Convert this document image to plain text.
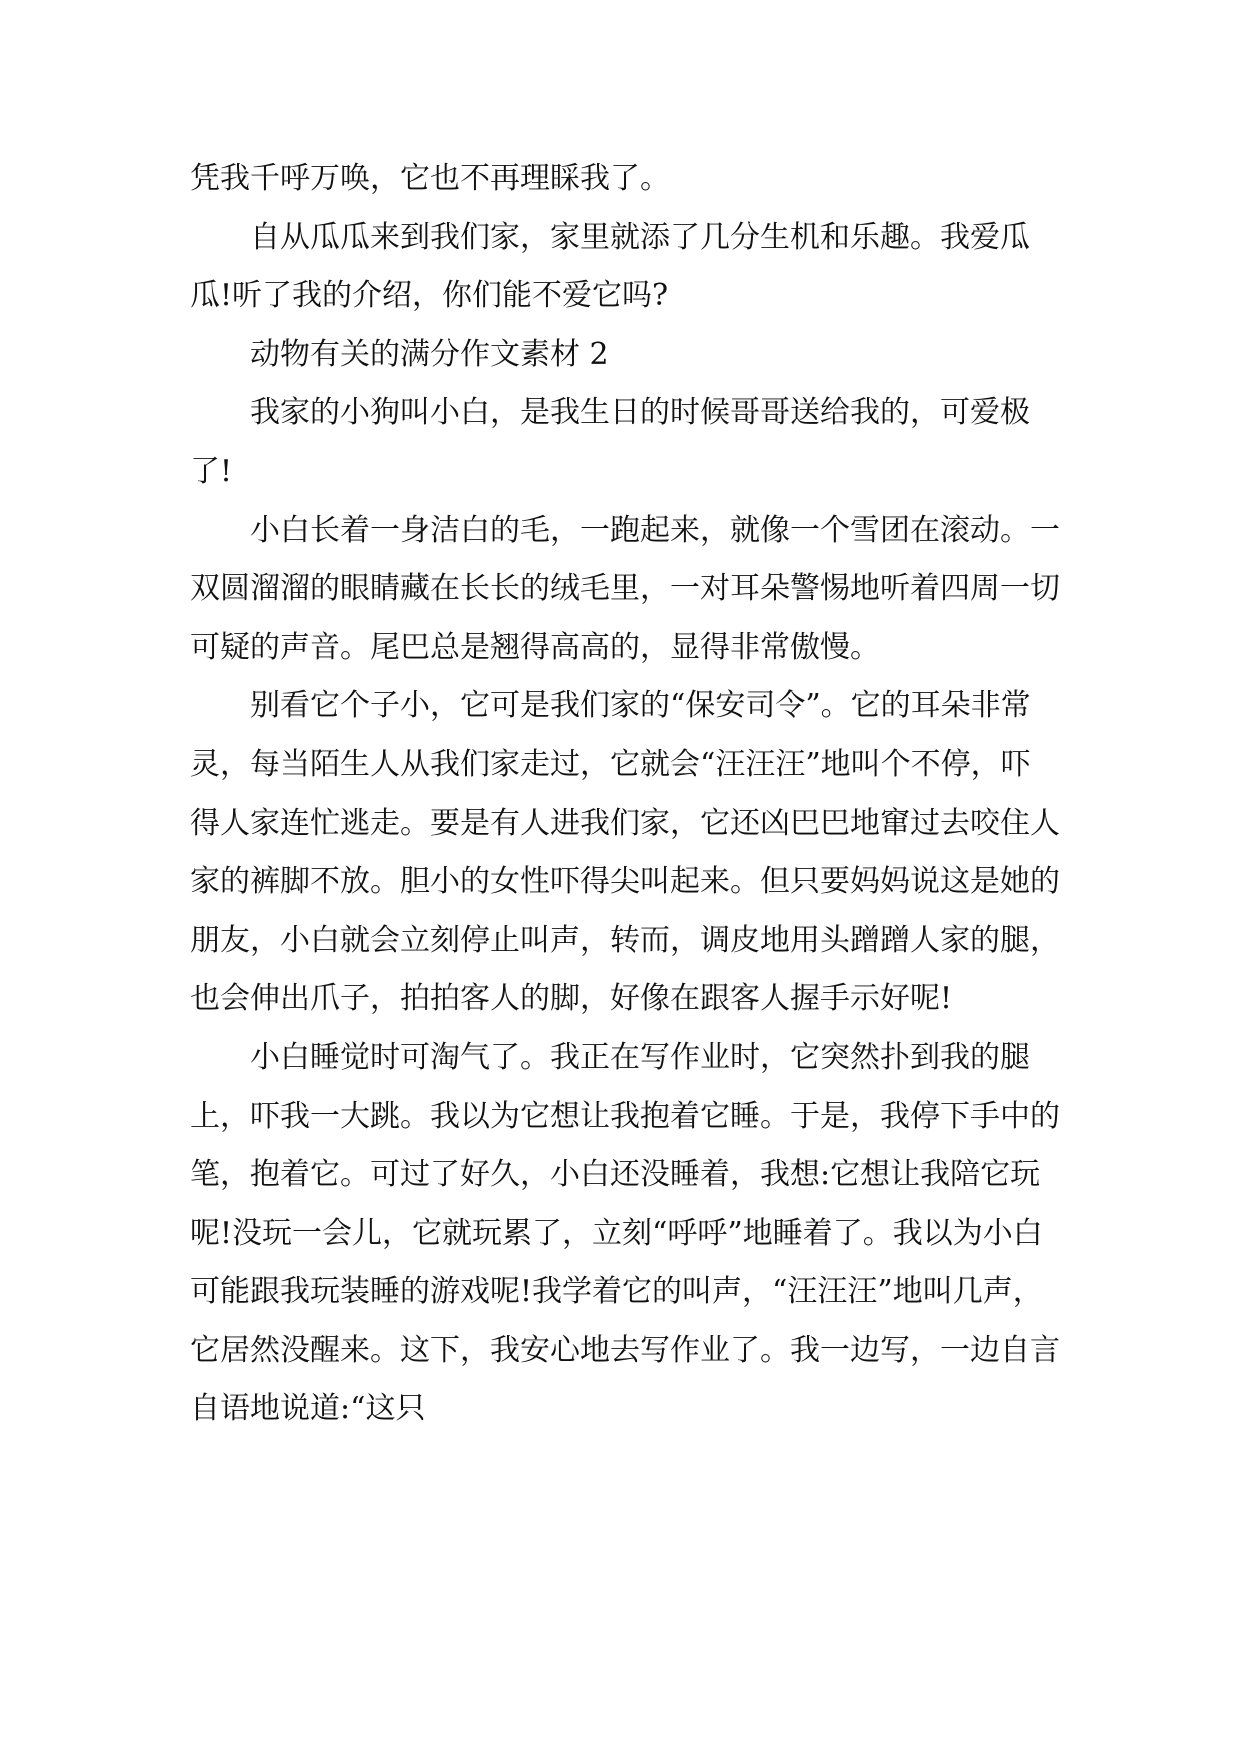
凭我千呼万唤，它也不再理睬我了。

自从瓜瓜来到我们家，家里就添了几分生机和乐趣。我爱瓜瓜!听了我的介绍，你们能不爱它吗?

动物有关的满分作文素材 2

我家的小狗叫小白，是我生日的时候哥哥送给我的，可爱极了!

小白长着一身洁白的毛，一跑起来，就像一个雪团在滚动。一双圆溜溜的眼睛藏在长长的绒毛里，一对耳朵警惕地听着四周一切可疑的声音。尾巴总是翘得高高的，显得非常傲慢。

别看它个子小，它可是我们家的“保安司令”。它的耳朵非常灵，每当陌生人从我们家走过，它就会“汪汪汪”地叫个不停，吓得人家连忙逃走。要是有人进我们家，它还凶巴巴地窜过去咬住人家的裤脚不放。胆小的女性吓得尖叫起来。但只要妈妈说这是她的朋友，小白就会立刻停止叫声，转而，调皮地用头蹭蹭人家的腿，也会伸出爪子，拍拍客人的脚，好像在跟客人握手示好呢!

小白睡觉时可淘气了。我正在写作业时，它突然扑到我的腿上，吓我一大跳。我以为它想让我抱着它睡。于是，我停下手中的笔，抱着它。可过了好久，小白还没睡着，我想:它想让我陪它玩呢!没玩一会儿，它就玩累了，立刻“呼呼”地睡着了。我以为小白可能跟我玩装睡的游戏呢!我学着它的叫声，“汪汪汪”地叫几声，它居然没醒来。这下，我安心地去写作业了。我一边写，一边自言自语地说道:“这只
